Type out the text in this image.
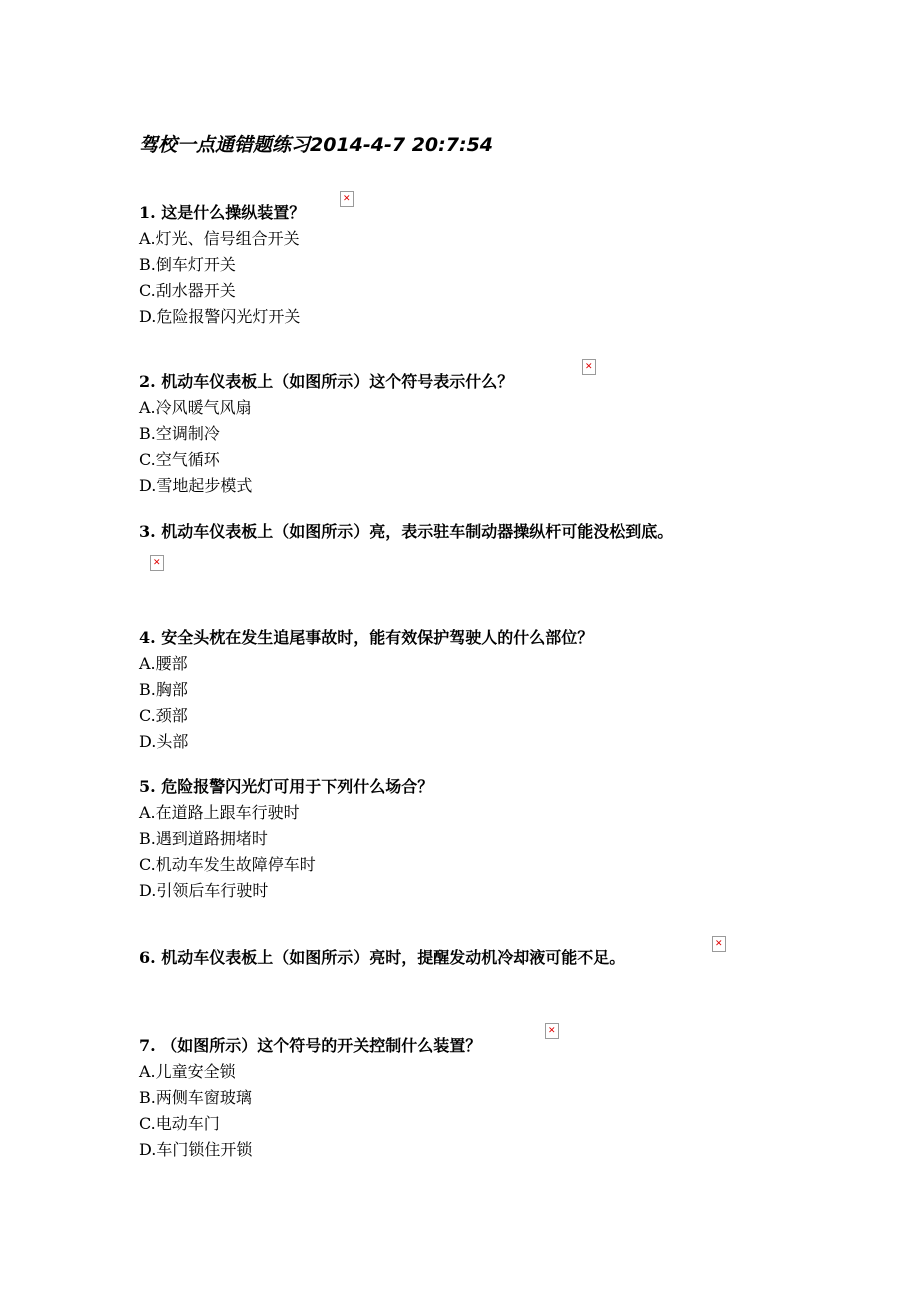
驾校一点通错题练习2014-4-7 20:7:54
1. 这是什么操纵装置？
A.灯光、信号组合开关
B.倒车灯开关
C.刮水器开关
D.危险报警闪光灯开关
✕
2. 机动车仪表板上（如图所示）这个符号表示什么？
A.冷风暖气风扇
B.空调制冷
C.空气循环
D.雪地起步模式
✕
3. 机动车仪表板上（如图所示）亮，表示驻车制动器操纵杆可能没松到底。
✕
4. 安全头枕在发生追尾事故时，能有效保护驾驶人的什么部位？
A.腰部
B.胸部
C.颈部
D.头部
5. 危险报警闪光灯可用于下列什么场合？
A.在道路上跟车行驶时
B.遇到道路拥堵时
C.机动车发生故障停车时
D.引领后车行驶时
6. 机动车仪表板上（如图所示）亮时，提醒发动机冷却液可能不足。
✕
7. （如图所示）这个符号的开关控制什么装置？
A.儿童安全锁
B.两侧车窗玻璃
C.电动车门
D.车门锁住开锁
✕
